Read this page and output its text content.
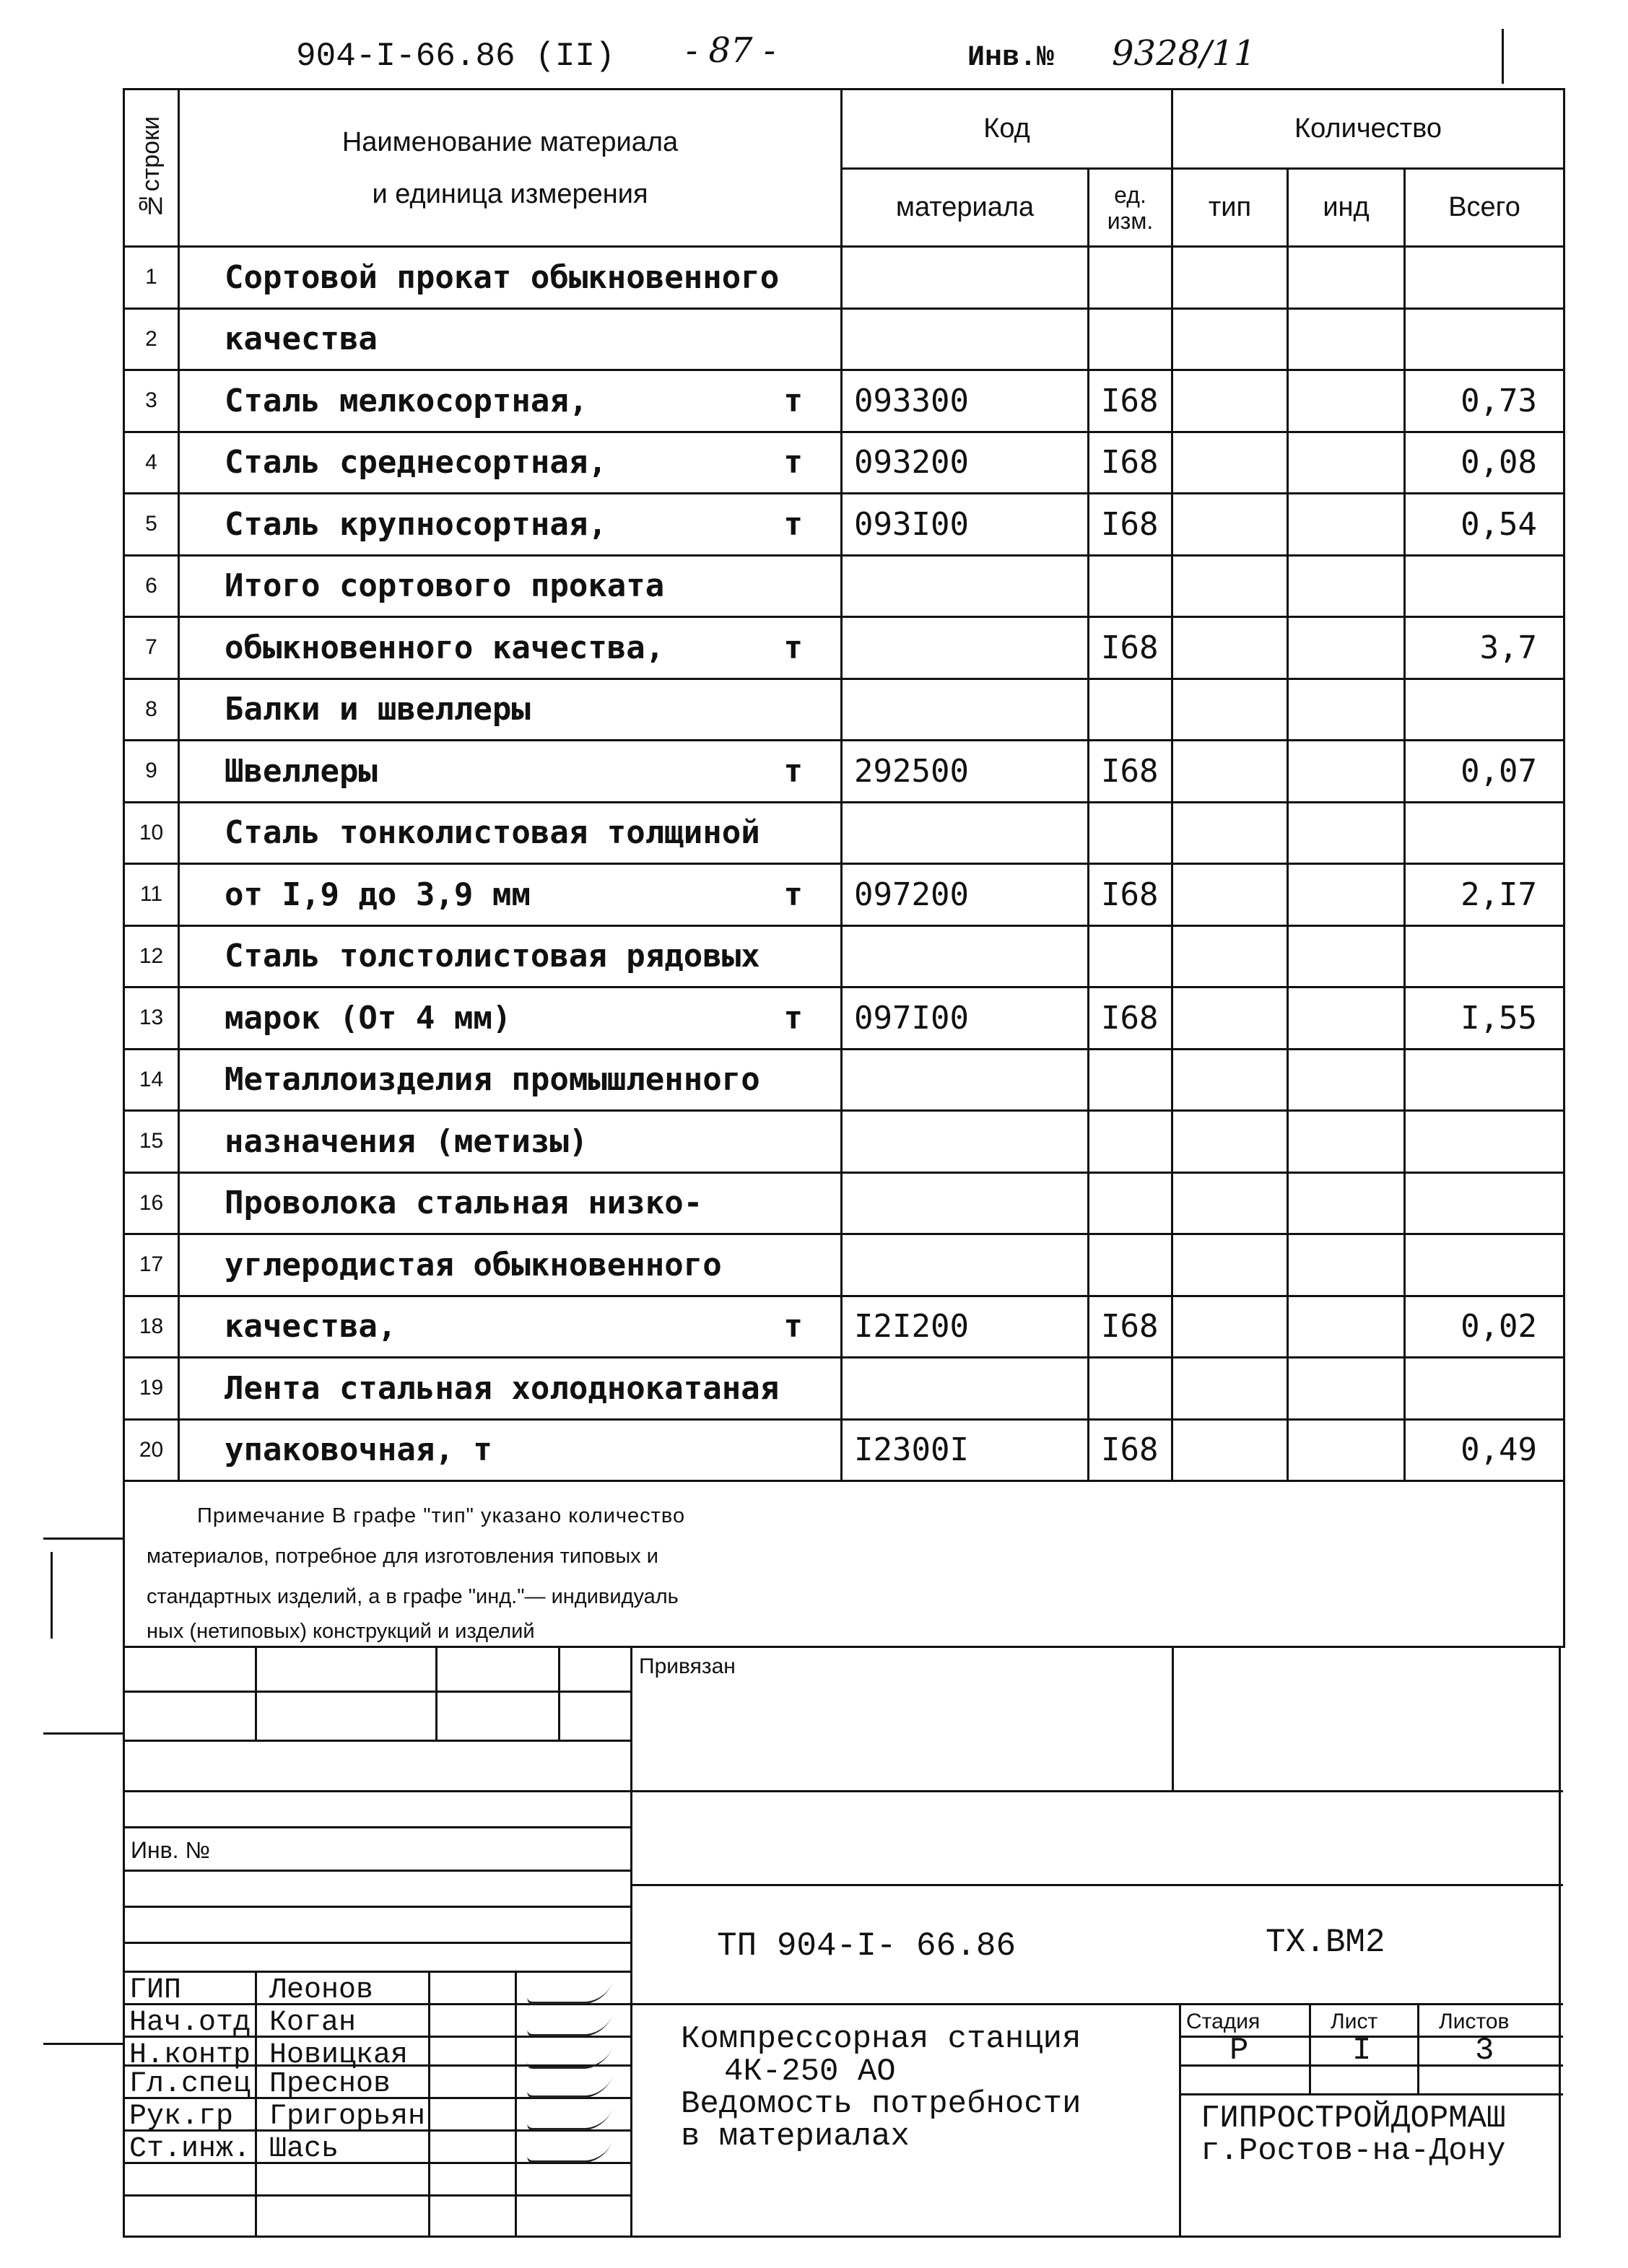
904-I-66.86 (II) - 87 -	Инв.№ 9328/11
№строки	Наименование материала
и единица измерения	Код		Количество		
		материала	ед. изм.	тип	инд	Всего
1	Сортовой прокат обыкновенного

2	качества

3	Сталь мелкосортная, т	093300	I68			0,73
4	Сталь среднесортная, т	093200	I68			0,08
5	Сталь крупносортная, т	093I00	I68			0,54
6	Итого сортового проката

7	обыкновенного качества, т		I68			3,7
8	Балки и швеллеры

9	Швеллеры т	292500	I68			0,07
10	Сталь тонколистовая толщиной

11	от I,9 до 3,9 мм т	097200	I68			2,I7
12	Сталь толстолистовая рядовых

13	марок (От 4 мм) т	097I00	I68			I,55
14	Металлоизделия промышленного

15	назначения (метизы)

16	Проволока стальная низко-

17	углеродистая обыкновенного

18	качества, т	I2I200	I68			0,02
19	Лента стальная холоднокатаная

20	упаковочная, т	I2300I	I68			0,49
Примечание В графе "тип" указано количество
материалов, потребное для изготовления типовых и
стандартных изделий, а в графе "инд."— индивидуаль
ных (нетиповых) конструкций и изделий
Привязан
Инв. №
ТП 904-I- 66.86	ТХ.ВМ2
Компрессорная станция
4К-250 АО
Ведомость потребности
в материалах
Стадия	Лист	Листов
Р	I	3
ГИПРОСТРОЙДОРМАШ
г.Ростов-на-Дону
ГИП	Леонов
Нач.отд Коган
Н.контр Новицкая
Гл.спец Преснов
Рук.гр Григорьян
Ст.инж. Шась
